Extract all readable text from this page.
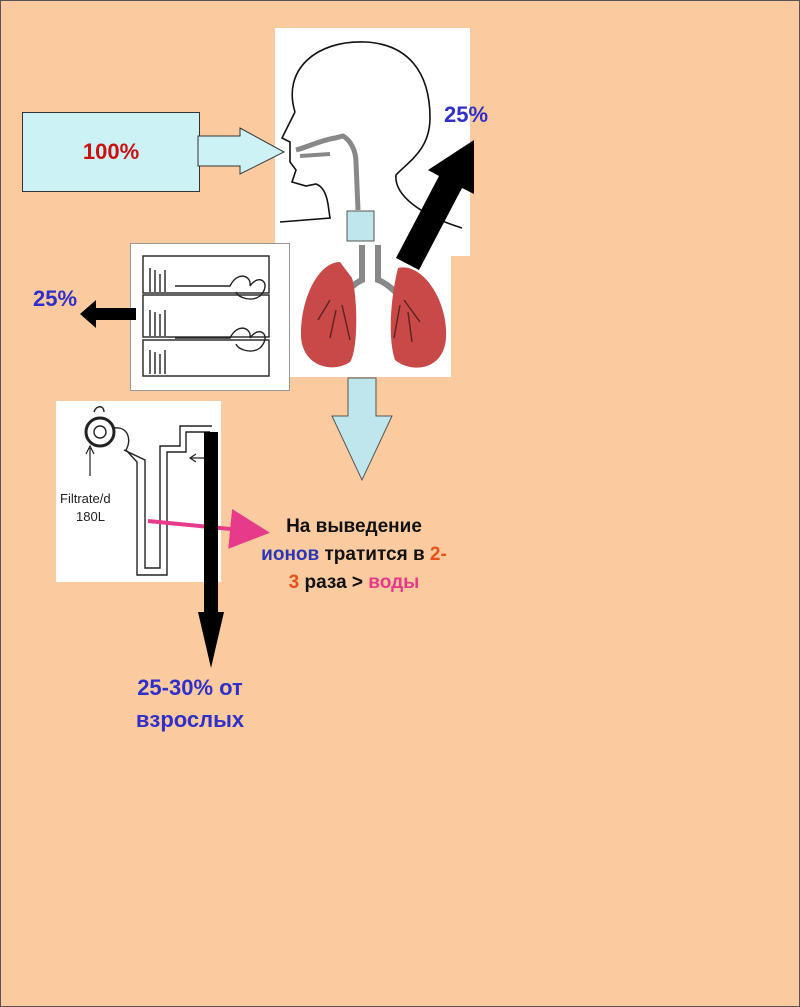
100%
Filtrate/d
180L
25%
25%
На выведение
ионов тратится в 2-
3 раза > воды
25-30% от
взрослых
